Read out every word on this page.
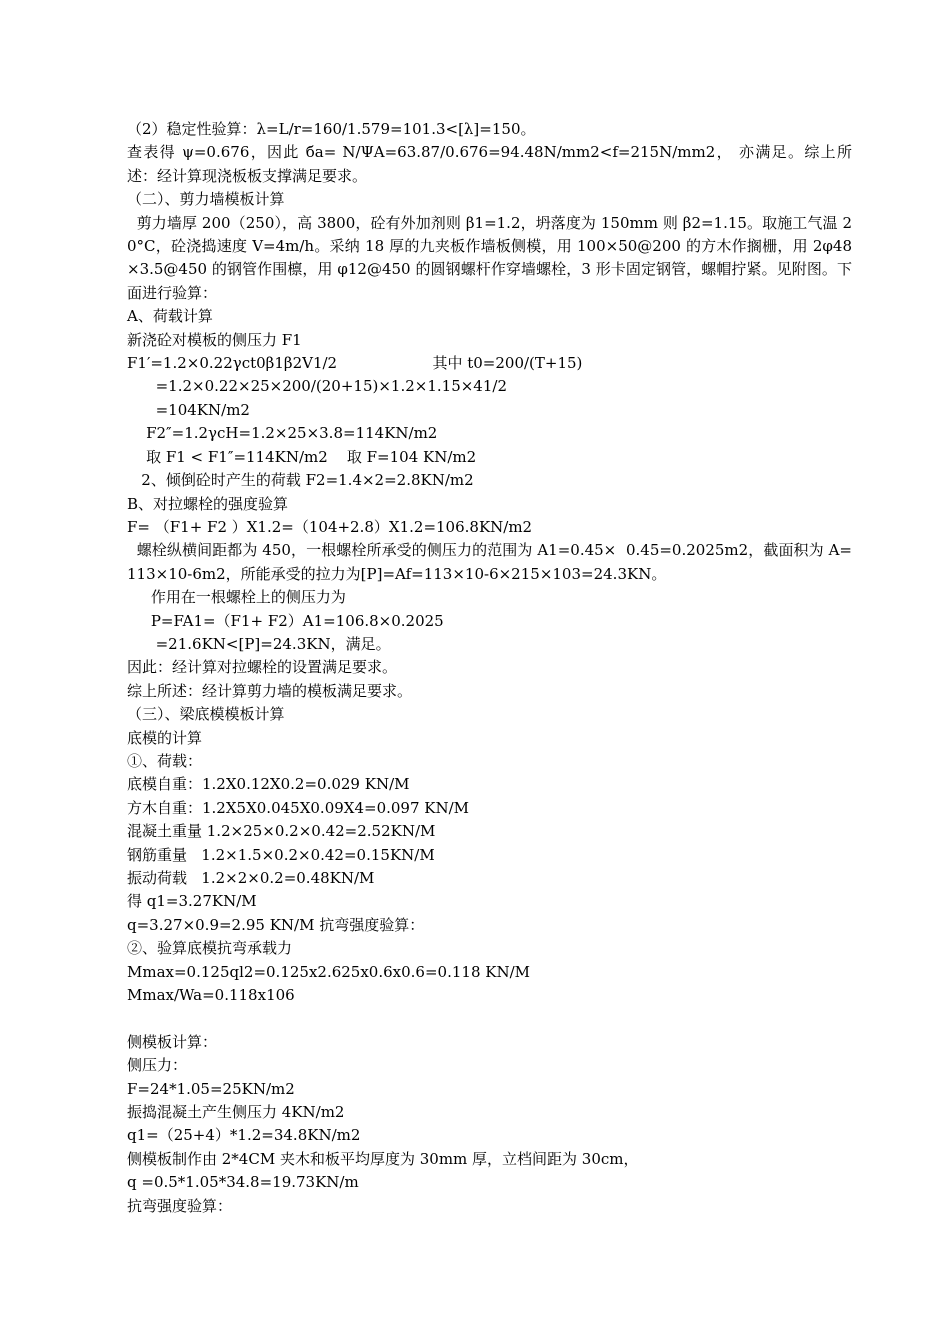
（2）稳定性验算：λ=L/r=160/1.579=101.3<[λ]=150。

查表得 ψ=0.676，因此 бa= N/ΨA=63.87/0.676=94.48N/mm2<f=215N/mm2， 亦满足。综上所述：经计算现浇板板支撑满足要求。

（二）、剪力墙模板计算

剪力墙厚 200（250），高 3800，砼有外加剂则 β1=1.2，坍落度为 150mm 则 β2=1.15。取施工气温 20°C，砼浇捣速度 V=4m/h。采纳 18 厚的九夹板作墙板侧模，用 100×50@200 的方木作搁栅，用 2φ48×3.5@450 的钢管作围檩，用 φ12@450 的圆钢螺杆作穿墙螺栓，3 形卡固定钢管，螺帽拧紧。见附图。下面进行验算：

A、荷载计算

新浇砼对模板的侧压力 F1

F1′=1.2×0.22γct0β1β2V1/2                    其中 t0=200/(T+15)

=1.2×0.22×25×200/(20+15)×1.2×1.15×41/2

=104KN/m2

F2″=1.2γcH=1.2×25×3.8=114KN/m2

取 F1 < F1″=114KN/m2    取 F=104 KN/m2

2、倾倒砼时产生的荷载 F2=1.4×2=2.8KN/m2

B、对拉螺栓的强度验算

F= （F1+ F2 ）X1.2=（104+2.8）X1.2=106.8KN/m2

螺栓纵横间距都为 450，一根螺栓所承受的侧压力的范围为 A1=0.45×  0.45=0.2025m2，截面积为 A=113×10-6m2，所能承受的拉力为[P]=Af=113×10-6×215×103=24.3KN。

作用在一根螺栓上的侧压力为

P=FA1=（F1+ F2）A1=106.8×0.2025

=21.6KN<[P]=24.3KN，满足。

因此：经计算对拉螺栓的设置满足要求。

综上所述：经计算剪力墙的模板满足要求。

（三）、梁底模模板计算

底模的计算

①、荷载：

底模自重：1.2X0.12X0.2=0.029 KN/M

方木自重：1.2X5X0.045X0.09X4=0.097 KN/M

混凝土重量 1.2×25×0.2×0.42=2.52KN/M

钢筋重量   1.2×1.5×0.2×0.42=0.15KN/M

振动荷载   1.2×2×0.2=0.48KN/M

得 q1=3.27KN/M

q=3.27×0.9=2.95 KN/M 抗弯强度验算：

②、验算底模抗弯承载力

Mmax=0.125ql2=0.125x2.625x0.6x0.6=0.118 KN/M

Mmax/Wa=0.118x106

侧模板计算：

侧压力：

F=24*1.05=25KN/m2

振捣混凝土产生侧压力 4KN/m2

q1=（25+4）*1.2=34.8KN/m2

侧模板制作由 2*4CM 夹木和板平均厚度为 30mm 厚，立档间距为 30cm，

q =0.5*1.05*34.8=19.73KN/m

抗弯强度验算：
